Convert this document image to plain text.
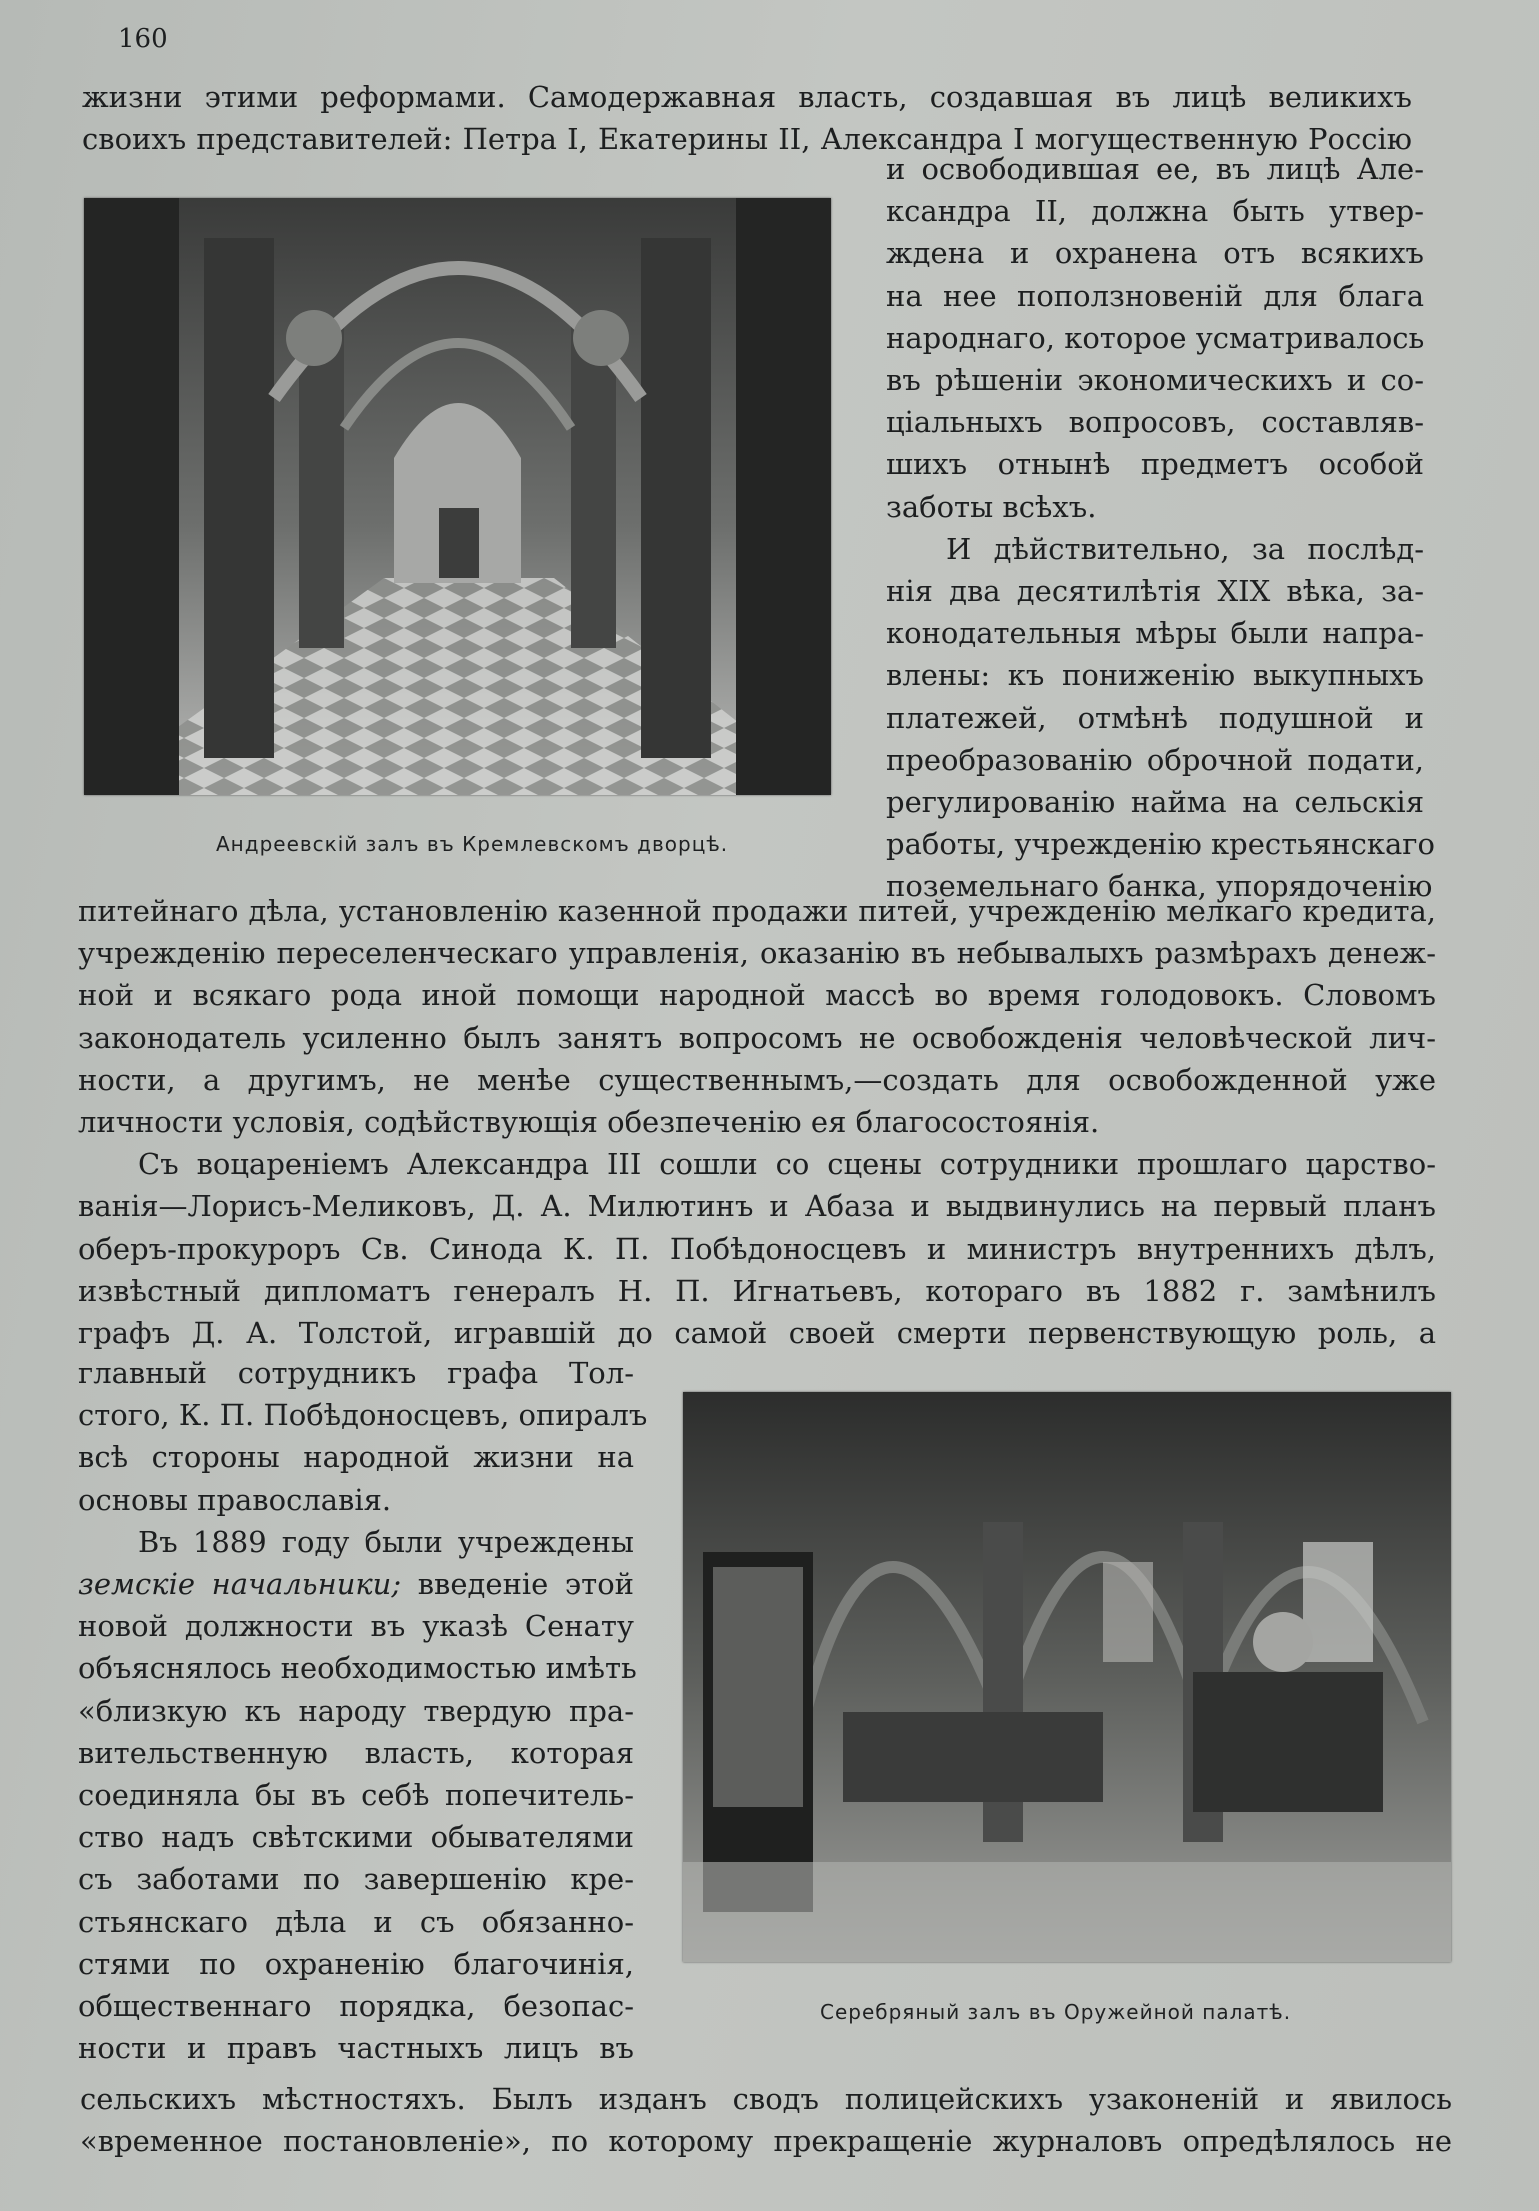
160
жизни этими реформами. Самодержавная власть, создавшая въ лицѣ великихъ
своихъ представителей: Петра I, Екатерины II, Александра I могущественную Россію
Андреевскій залъ въ Кремлевскомъ дворцѣ.
и освободившая ее, въ лицѣ Але-
ксандра II, должна быть утвер-
ждена и охранена отъ всякихъ
на нее поползновеній для блага
народнаго, которое усматривалось
въ рѣшеніи экономическихъ и со-
ціальныхъ вопросовъ, составляв-
шихъ отнынѣ предметъ особой
заботы всѣхъ.
И дѣйствительно, за послѣд-
нія два десятилѣтія XIX вѣка, за-
конодательныя мѣры были напра-
влены: къ пониженію выкупныхъ
платежей, отмѣнѣ подушной и
преобразованію оброчной подати,
регулированію найма на сельскія
работы, учрежденію крестьянскаго
поземельнаго банка, упорядоченію
питейнаго дѣла, установленію казенной продажи питей, учрежденію мелкаго кредита,
учрежденію переселенческаго управленія, оказанію въ небывалыхъ размѣрахъ денеж-
ной и всякаго рода иной помощи народной массѣ во время голодовокъ. Словомъ
законодатель усиленно былъ занятъ вопросомъ не освобожденія человѣческой лич-
ности, а другимъ, не менѣе существеннымъ,—создать для освобожденной уже
личности условія, содѣйствующія обезпеченію ея благосостоянія.
Съ воцареніемъ Александра III сошли со сцены сотрудники прошлаго царство-
ванія—Лорисъ-Меликовъ, Д. А. Милютинъ и Абаза и выдвинулись на первый планъ
оберъ-прокуроръ Св. Синода К. П. Побѣдоносцевъ и министръ внутреннихъ дѣлъ,
извѣстный дипломатъ генералъ Н. П. Игнатьевъ, котораго въ 1882 г. замѣнилъ
графъ Д. А. Толстой, игравшій до самой своей смерти первенствующую роль, а
главный сотрудникъ графа Тол-
стого, К. П. Побѣдоносцевъ, опиралъ
всѣ стороны народной жизни на
основы православія.
Въ 1889 году были учреждены
земскіе начальники; введеніе этой
новой должности въ указѣ Сенату
объяснялось необходимостью имѣть
«близкую къ народу твердую пра-
вительственную власть, которая
соединяла бы въ себѣ попечитель-
ство надъ свѣтскими обывателями
съ заботами по завершенію кре-
стьянскаго дѣла и съ обязанно-
стями по охраненію благочинія,
общественнаго порядка, безопас-
ности и правъ частныхъ лицъ въ
Серебряный залъ въ Оружейной палатѣ.
сельскихъ мѣстностяхъ. Былъ изданъ сводъ полицейскихъ узаконеній и явилось
«временное постановленіе», по которому прекращеніе журналовъ опредѣлялось не
